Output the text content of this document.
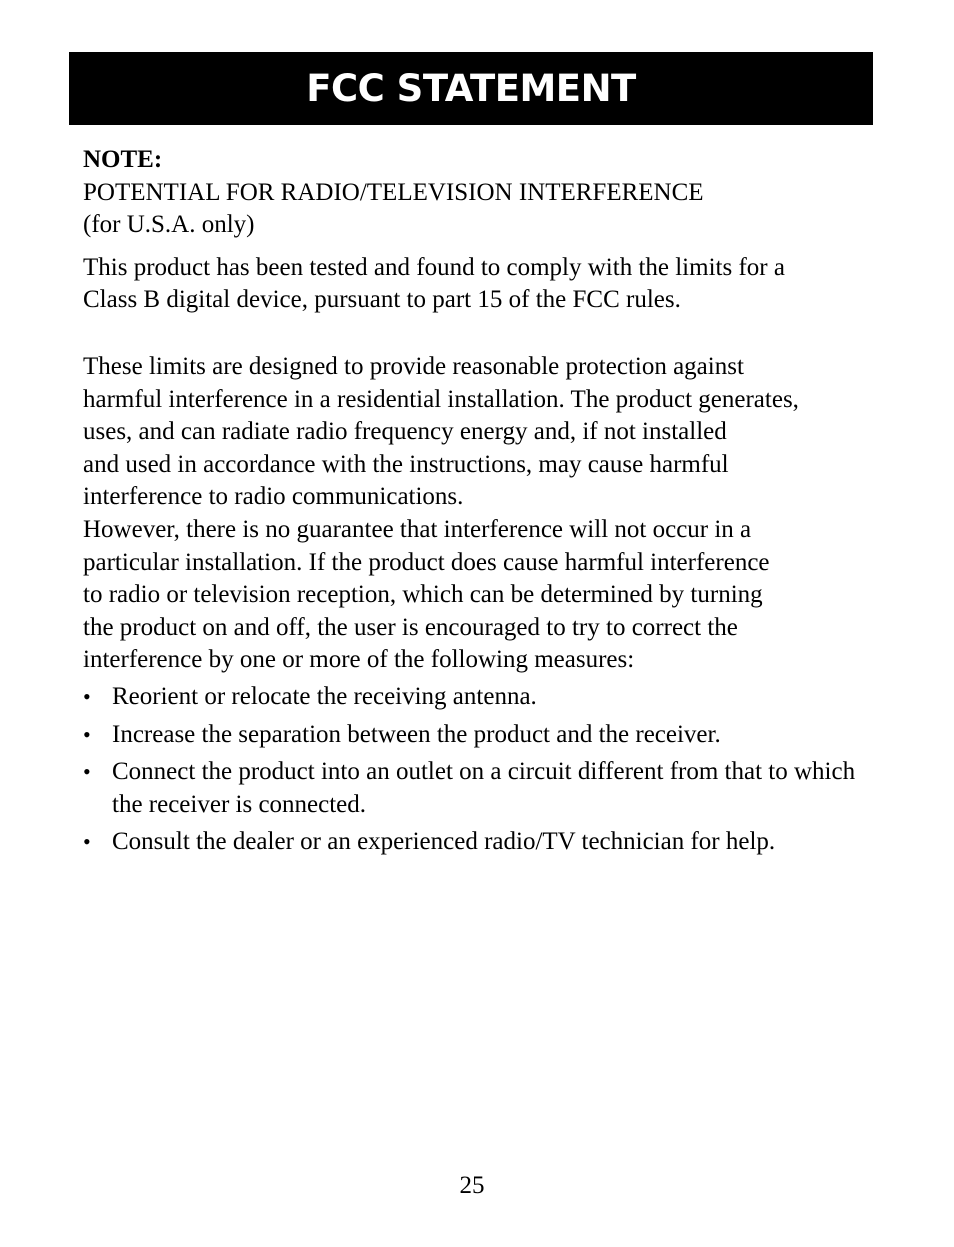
FCC STATEMENT

NOTE:

POTENTIAL FOR RADIO/TELEVISION INTERFERENCE

(for U.S.A. only)

This product has been tested and found to comply with the limits for a

Class B digital device, pursuant to part 15 of the FCC rules.

These limits are designed to provide reasonable protection against

harmful interference in a residential installation. The product generates,

uses, and can radiate radio frequency energy and, if not installed

and used in accordance with the instructions, may cause harmful

interference to radio communications.

However, there is no guarantee that interference will not occur in a

particular installation. If the product does cause harmful interference

to radio or television reception, which can be determined by turning

the product on and off, the user is encouraged to try to correct the

interference by one or more of the following measures:

• Reorient or relocate the receiving antenna.
• Increase the separation between the product and the receiver.
• Connect the product into an outlet on a circuit different from that to which the receiver is connected.
• Consult the dealer or an experienced radio/TV technician for help.
25
